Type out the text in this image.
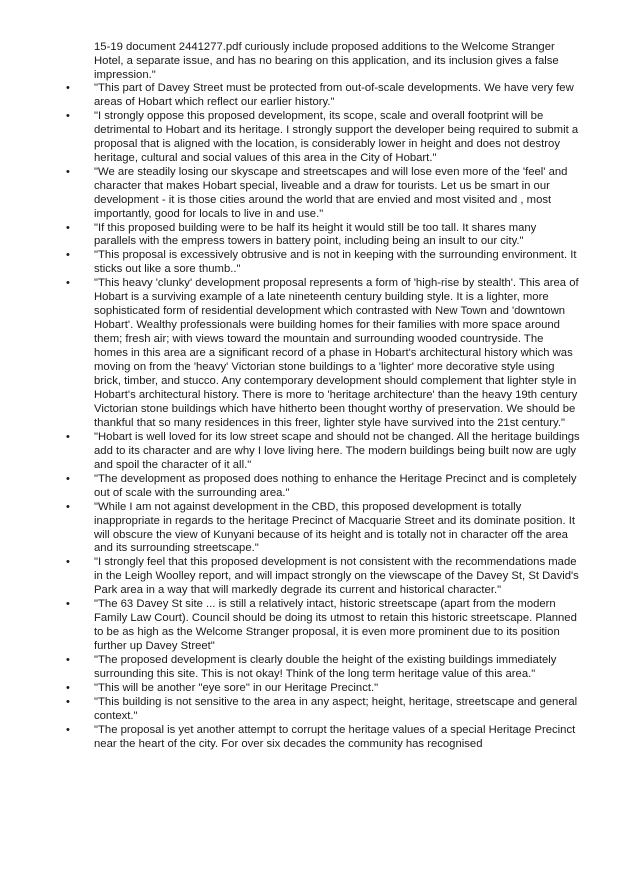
15-19 document 2441277.pdf curiously include proposed additions to the Welcome Stranger Hotel, a separate issue, and has no bearing on this application, and its inclusion gives a false impression."

•	"This part of Davey Street must be protected from out-of-scale developments. We have very few areas of Hobart which reflect our earlier history."
•	"I strongly oppose this proposed development, its scope, scale and overall footprint will be detrimental to Hobart and its heritage. I strongly support the developer being required to submit a proposal that is aligned with the location, is considerably lower in height and does not destroy heritage, cultural and social values of this area in the City of Hobart."
•	"We are steadily losing our skyscape and streetscapes and will lose even more of the 'feel' and character that makes Hobart special, liveable and a draw for tourists. Let us be smart in our development - it is those cities around the world that are envied and most visited and , most importantly, good for locals to live in and use."
•	"If this proposed building were to be half its height it would still be too tall. It shares many parallels with the empress towers in battery point, including being an insult to our city."
•	"This proposal is excessively obtrusive and is not in keeping with the surrounding environment. It sticks out like a sore thumb.."
•	"This heavy 'clunky' development proposal represents a form of 'high-rise by stealth'. This area of Hobart is a surviving example of a late nineteenth century building style. It is a lighter, more sophisticated form of residential development which contrasted with New Town and 'downtown Hobart'. Wealthy professionals were building homes for their families with more space around them; fresh air; with views toward the mountain and surrounding wooded countryside. The homes in this area are a significant record of a phase in Hobart's architectural history which was moving on from the 'heavy' Victorian stone buildings to a 'lighter' more decorative style using brick, timber, and stucco. Any contemporary development should complement that lighter style in Hobart's architectural history. There is more to 'heritage architecture' than the heavy 19th century Victorian stone buildings which have hitherto been thought worthy of preservation. We should be thankful that so many residences in this freer, lighter style have survived into the 21st century."
•	"Hobart is well loved for its low street scape and should not be changed. All the heritage buildings add to its character and are why I love living here. The modern buildings being built now are ugly and spoil the character of it all."
•	"The development as proposed does nothing to enhance the Heritage Precinct and is completely out of scale with the surrounding area."
•	"While I am not against development in the CBD, this proposed development is totally inappropriate in regards to the heritage Precinct of Macquarie Street and its dominate position. It will obscure the view of Kunyani because of its height and is totally not in character off the area and its surrounding streetscape."
•	"I strongly feel that this proposed development is not consistent with the recommendations made in the Leigh Woolley report, and will impact strongly on the viewscape of the Davey St, St David's Park area in a way that will markedly degrade its current and historical character."
•	"The 63 Davey St site ... is still a relatively intact, historic streetscape (apart from the modern Family Law Court). Council should be doing its utmost to retain this historic streetscape. Planned to be as high as the Welcome Stranger proposal, it is even more prominent due to its position further up Davey Street"
•	"The proposed development is clearly double the height of the existing buildings immediately surrounding this site. This is not okay! Think of the long term heritage value of this area."
•	"This will be another "eye sore" in our Heritage Precinct."
•	"This building is not sensitive to the area in any aspect; height, heritage, streetscape and general context."
•	"The proposal is yet another attempt to corrupt the heritage values of a special Heritage Precinct near the heart of the city. For over six decades the community has recognised
